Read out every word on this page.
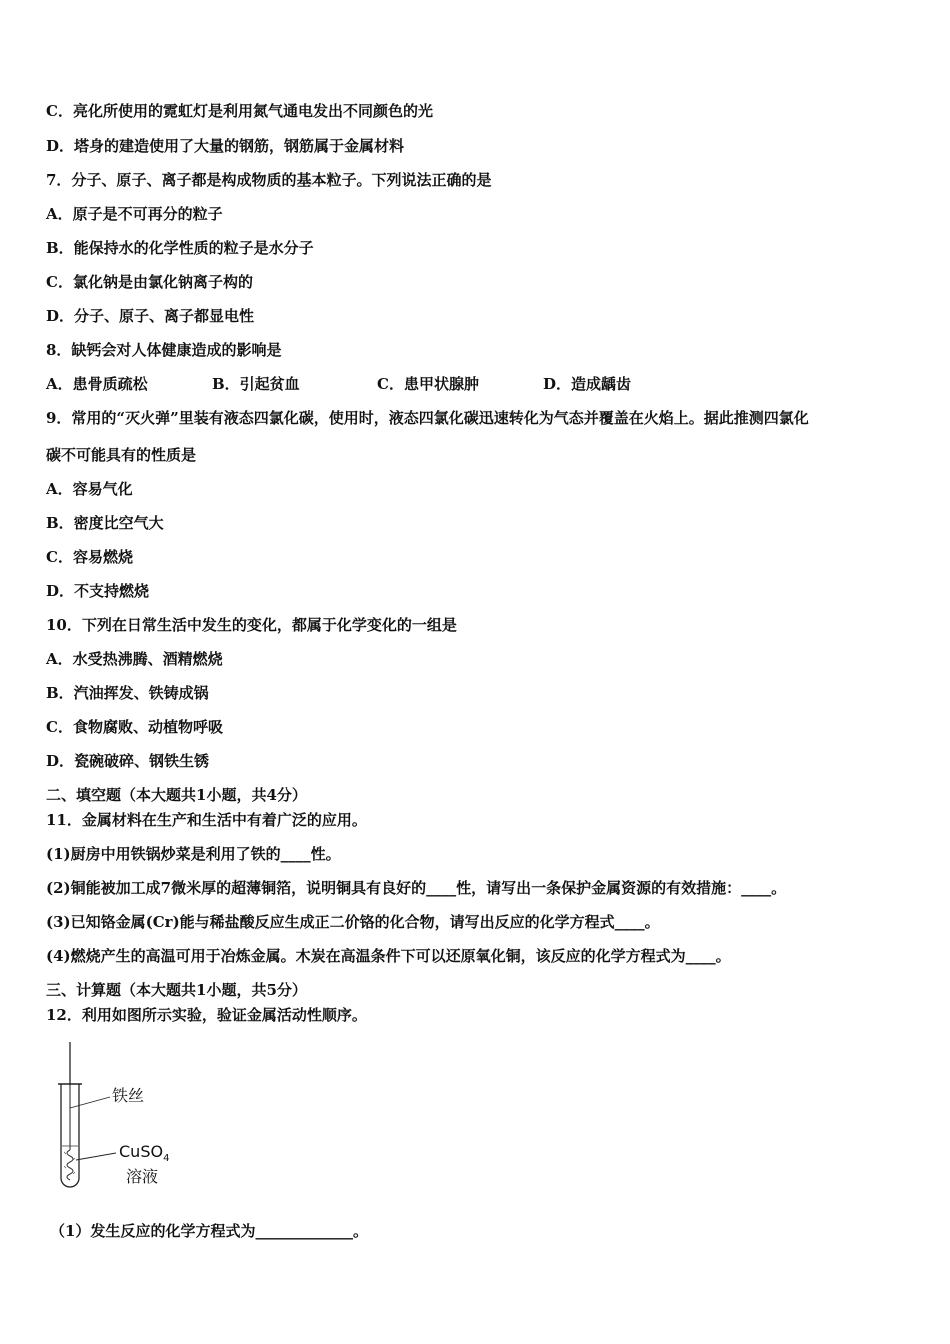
C．亮化所使用的霓虹灯是利用氮气通电发出不同颜色的光
D．塔身的建造使用了大量的钢筋，钢筋属于金属材料
7．分子、原子、离子都是构成物质的基本粒子。下列说法正确的是
A．原子是不可再分的粒子
B．能保持水的化学性质的粒子是水分子
C．氯化钠是由氯化钠离子构的
D．分子、原子、离子都显电性
8．缺钙会对人体健康造成的影响是
A．患骨质疏松	B．引起贫血	C．患甲状腺肿	D．造成龋齿
9．常用的“灭火弹”里装有液态四氯化碳，使用时，液态四氯化碳迅速转化为气态并覆盖在火焰上。据此推测四氯化
碳不可能具有的性质是
A．容易气化
B．密度比空气大
C．容易燃烧
D．不支持燃烧
10．下列在日常生活中发生的变化，都属于化学变化的一组是
A．水受热沸腾、酒精燃烧
B．汽油挥发、铁铸成锅
C．食物腐败、动植物呼吸
D．瓷碗破碎、钢铁生锈
二、填空题（本大题共1小题，共4分）
11．金属材料在生产和生活中有着广泛的应用。
(1)厨房中用铁锅炒菜是利用了铁的____性。
(2)铜能被加工成7微米厚的超薄铜箔，说明铜具有良好的____性，请写出一条保护金属资源的有效措施：____。
(3)已知铬金属(Cr)能与稀盐酸反应生成正二价铬的化合物，请写出反应的化学方程式____。
(4)燃烧产生的高温可用于冶炼金属。木炭在高温条件下可以还原氧化铜，该反应的化学方程式为____。
三、计算题（本大题共1小题，共5分）
12．利用如图所示实验，验证金属活动性顺序。
铁丝
CuSO$_4$
溶液
（1）发生反应的化学方程式为_____________。
